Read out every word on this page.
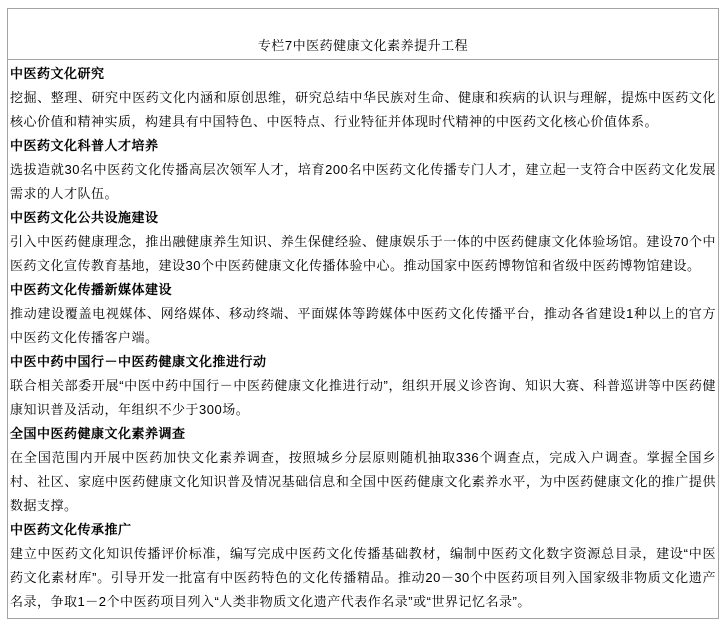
专栏7中医药健康文化素养提升工程

中医药文化研究

挖掘、整理、研究中医药文化内涵和原创思维，研究总结中华民族对生命、健康和疾病的认识与理解，提炼中医药文化核心价值和精神实质，构建具有中国特色、中医特点、行业特征并体现时代精神的中医药文化核心价值体系。

中医药文化科普人才培养

选拔造就30名中医药文化传播高层次领军人才，培育200名中医药文化传播专门人才，建立起一支符合中医药文化发展需求的人才队伍。

中医药文化公共设施建设

引入中医药健康理念，推出融健康养生知识、养生保健经验、健康娱乐于一体的中医药健康文化体验场馆。建设70个中医药文化宣传教育基地，建设30个中医药健康文化传播体验中心。推动国家中医药博物馆和省级中医药博物馆建设。

中医药文化传播新媒体建设

推动建设覆盖电视媒体、网络媒体、移动终端、平面媒体等跨媒体中医药文化传播平台，推动各省建设1种以上的官方中医药文化传播客户端。

中医中药中国行－中医药健康文化推进行动

联合相关部委开展“中医中药中国行－中医药健康文化推进行动”，组织开展义诊咨询、知识大赛、科普巡讲等中医药健康知识普及活动，年组织不少于300场。

全国中医药健康文化素养调查

在全国范围内开展中医药加快文化素养调查，按照城乡分层原则随机抽取336个调查点，完成入户调查。掌握全国乡村、社区、家庭中医药健康文化知识普及情况基础信息和全国中医药健康文化素养水平，为中医药健康文化的推广提供数据支撑。

中医药文化传承推广

建立中医药文化知识传播评价标准，编写完成中医药文化传播基础教材，编制中医药文化数字资源总目录，建设“中医药文化素材库”。引导开发一批富有中医药特色的文化传播精品。推动20－30个中医药项目列入国家级非物质文化遗产名录，争取1－2个中医药项目列入“人类非物质文化遗产代表作名录”或“世界记忆名录”。
